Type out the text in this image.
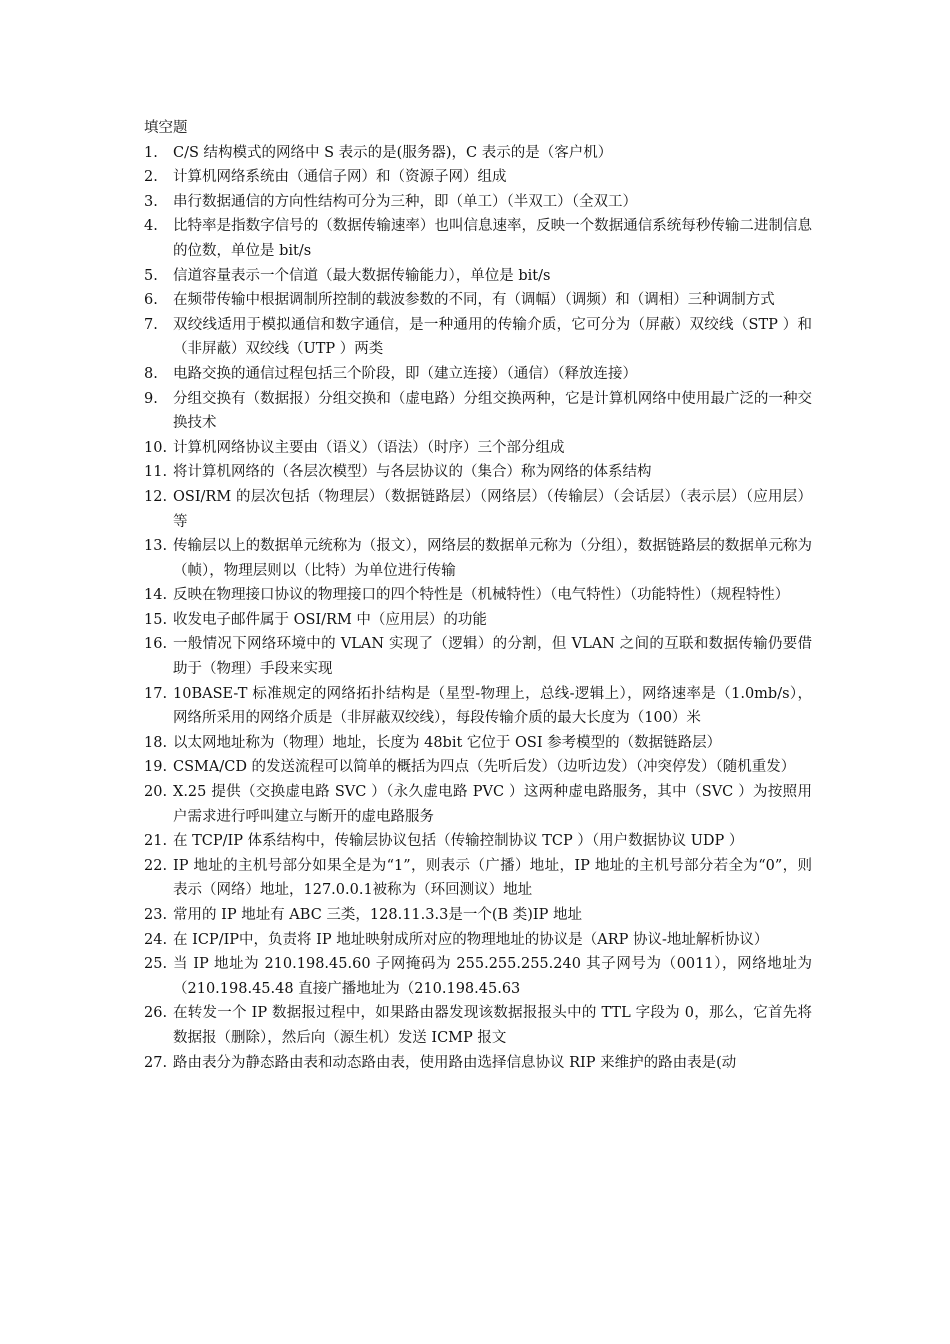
填空题
1. C/S 结构模式的网络中 S 表示的是(服务器)，C 表示的是（客户机）
2. 计算机网络系统由（通信子网）和（资源子网）组成
3. 串行数据通信的方向性结构可分为三种，即（单工）（半双工）（全双工）
4. 比特率是指数字信号的（数据传输速率）也叫信息速率，反映一个数据通信系统每秒传输二进制信息的位数，单位是 bit/s
5. 信道容量表示一个信道（最大数据传输能力），单位是 bit/s
6. 在频带传输中根据调制所控制的载波参数的不同，有（调幅）（调频）和（调相）三种调制方式
7. 双绞线适用于模拟通信和数字通信，是一种通用的传输介质，它可分为（屏蔽）双绞线（STP ）和（非屏蔽）双绞线（UTP ）两类
8. 电路交换的通信过程包括三个阶段，即（建立连接）（通信）（释放连接）
9. 分组交换有（数据报）分组交换和（虚电路）分组交换两种，它是计算机网络中使用最广泛的一种交换技术
10. 计算机网络协议主要由（语义）（语法）（时序）三个部分组成
11. 将计算机网络的（各层次模型）与各层协议的（集合）称为网络的体系结构
12. OSI/RM 的层次包括（物理层）（数据链路层）（网络层）（传输层）（会话层）（表示层）（应用层）等
13. 传输层以上的数据单元统称为（报文），网络层的数据单元称为（分组），数据链路层的数据单元称为（帧），物理层则以（比特）为单位进行传输
14. 反映在物理接口协议的物理接口的四个特性是（机械特性）（电气特性）（功能特性）（规程特性）
15. 收发电子邮件属于 OSI/RM 中（应用层）的功能
16. 一般情况下网络环境中的 VLAN 实现了（逻辑）的分割，但 VLAN 之间的互联和数据传输仍要借助于（物理）手段来实现
17. 10BASE-T 标准规定的网络拓扑结构是（星型-物理上，总线-逻辑上），网络速率是（1.0mb/s），网络所采用的网络介质是（非屏蔽双绞线），每段传输介质的最大长度为（100）米
18. 以太网地址称为（物理）地址，长度为 48bit 它位于 OSI 参考模型的（数据链路层）
19. CSMA/CD 的发送流程可以简单的概括为四点（先听后发）（边听边发）（冲突停发）（随机重发）
20. X.25 提供（交换虚电路 SVC ）（永久虚电路 PVC ）这两种虚电路服务，其中（SVC ）为按照用户需求进行呼叫建立与断开的虚电路服务
21. 在 TCP/IP 体系结构中，传输层协议包括（传输控制协议 TCP ）（用户数据协议 UDP ）
22. IP 地址的主机号部分如果全是为“1”，则表示（广播）地址，IP 地址的主机号部分若全为“0”，则表示（网络）地址，127.0.0.1被称为（环回测议）地址
23. 常用的 IP 地址有 ABC 三类，128.11.3.3是一个(B 类)IP 地址
24. 在 ICP/IP中，负责将 IP 地址映射成所对应的物理地址的协议是（ARP 协议-地址解析协议）
25. 当 IP 地址为 210.198.45.60 子网掩码为 255.255.255.240 其子网号为（0011），网络地址为（210.198.45.48 直接广播地址为（210.198.45.63
26. 在转发一个 IP 数据报过程中，如果路由器发现该数据报报头中的 TTL 字段为 0，那么，它首先将数据报（删除），然后向（源生机）发送 ICMP 报文
27. 路由表分为静态路由表和动态路由表，使用路由选择信息协议 RIP 来维护的路由表是(动
